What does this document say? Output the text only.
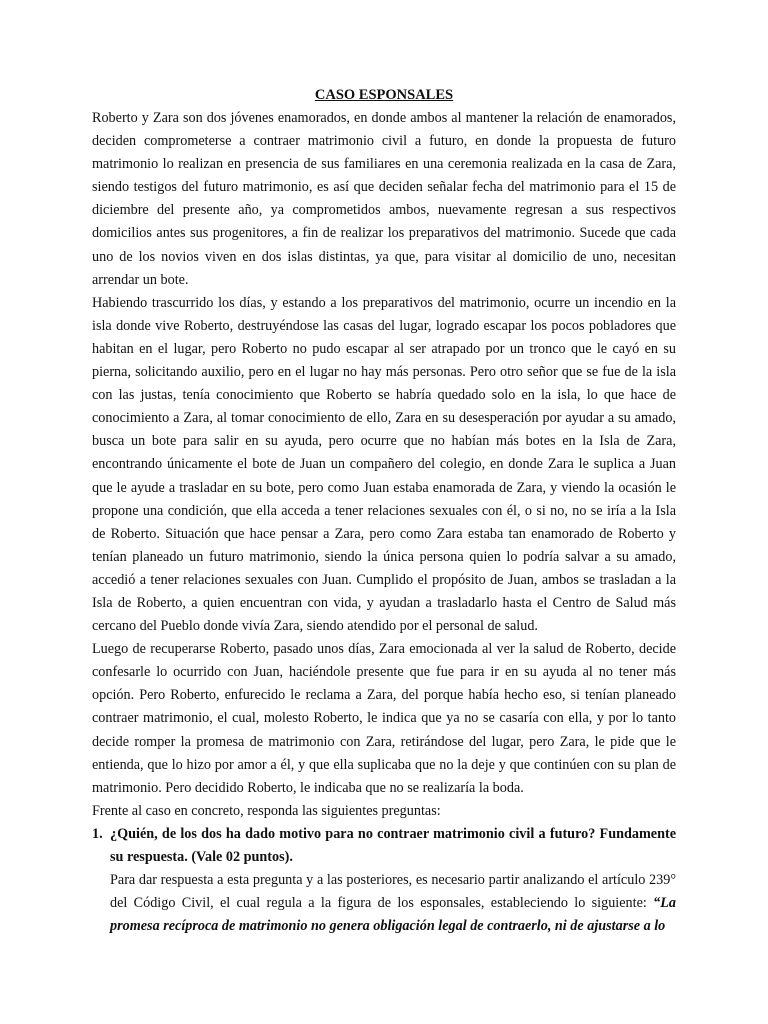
CASO ESPONSALES

Roberto y Zara son dos jóvenes enamorados, en donde ambos al mantener la relación de enamorados, deciden comprometerse a contraer matrimonio civil a futuro, en donde la propuesta de futuro matrimonio lo realizan en presencia de sus familiares en una ceremonia realizada en la casa de Zara, siendo testigos del futuro matrimonio, es así que deciden señalar fecha del matrimonio para el 15 de diciembre del presente año, ya comprometidos ambos, nuevamente regresan a sus respectivos domicilios antes sus progenitores, a fin de realizar los preparativos del matrimonio. Sucede que cada uno de los novios viven en dos islas distintas, ya que, para visitar al domicilio de uno, necesitan arrendar un bote.

Habiendo trascurrido los días, y estando a los preparativos del matrimonio, ocurre un incendio en la isla donde vive Roberto, destruyéndose las casas del lugar, logrado escapar los pocos pobladores que habitan en el lugar, pero Roberto no pudo escapar al ser atrapado por un tronco que le cayó en su pierna, solicitando auxilio, pero en el lugar no hay más personas. Pero otro señor que se fue de la isla con las justas, tenía conocimiento que Roberto se habría quedado solo en la isla, lo que hace de conocimiento a Zara, al tomar conocimiento de ello, Zara en su desesperación por ayudar a su amado, busca un bote para salir en su ayuda, pero ocurre que no habían más botes en la Isla de Zara, encontrando únicamente el bote de Juan un compañero del colegio, en donde Zara le suplica a Juan que le ayude a trasladar en su bote, pero como Juan estaba enamorada de Zara, y viendo la ocasión le propone una condición, que ella acceda a tener relaciones sexuales con él, o si no, no se iría a la Isla de Roberto. Situación que hace pensar a Zara, pero como Zara estaba tan enamorado de Roberto y tenían planeado un futuro matrimonio, siendo la única persona quien lo podría salvar a su amado, accedió a tener relaciones sexuales con Juan. Cumplido el propósito de Juan, ambos se trasladan a la Isla de Roberto, a quien encuentran con vida, y ayudan a trasladarlo hasta el Centro de Salud más cercano del Pueblo donde vivía Zara, siendo atendido por el personal de salud.

Luego de recuperarse Roberto, pasado unos días, Zara emocionada al ver la salud de Roberto, decide confesarle lo ocurrido con Juan, haciéndole presente que fue para ir en su ayuda al no tener más opción. Pero Roberto, enfurecido le reclama a Zara, del porque había hecho eso, si tenían planeado contraer matrimonio, el cual, molesto Roberto, le indica que ya no se casaría con ella, y por lo tanto decide romper la promesa de matrimonio con Zara, retirándose del lugar, pero Zara, le pide que le entienda, que lo hizo por amor a él, y que ella suplicaba que no la deje y que continúen con su plan de matrimonio. Pero decidido Roberto, le indicaba que no se realizaría la boda.

Frente al caso en concreto, responda las siguientes preguntas:

1. ¿Quién, de los dos ha dado motivo para no contraer matrimonio civil a futuro? Fundamente su respuesta. (Vale 02 puntos).

Para dar respuesta a esta pregunta y a las posteriores, es necesario partir analizando el artículo 239° del Código Civil, el cual regula a la figura de los esponsales, estableciendo lo siguiente: “La promesa recíproca de matrimonio no genera obligación legal de contraerlo, ni de ajustarse a lo
